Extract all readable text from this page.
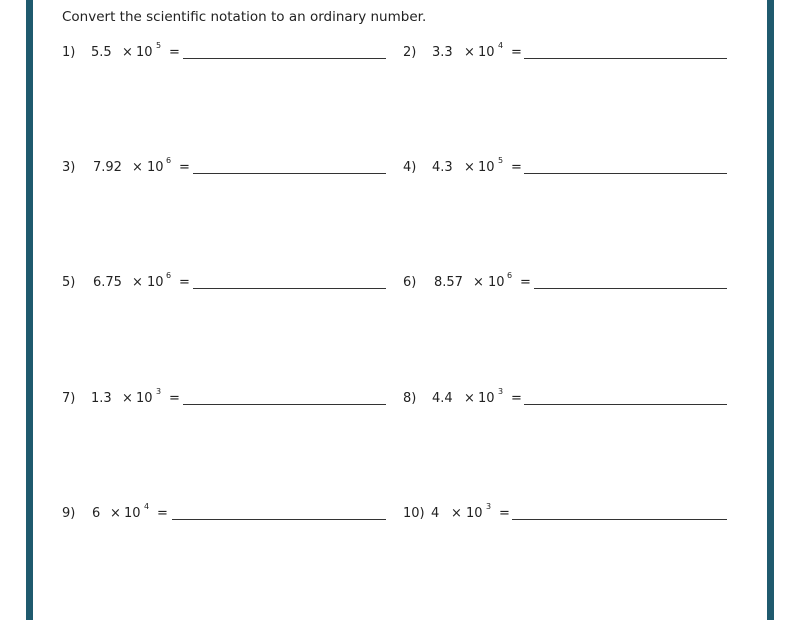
Convert the scientific notation to an ordinary number.
1) 5.5 × 10 5 =	2) 3.3 × 10 4 =
3) 7.92 × 10 6 =	4) 4.3 × 10 5 =
5) 6.75 × 10 6 =	6) 8.57 × 10 6 =
7) 1.3 × 10 3 =	8) 4.4 × 10 3 =
9) 6 × 10 4 =	10) 4 × 10 3 =
